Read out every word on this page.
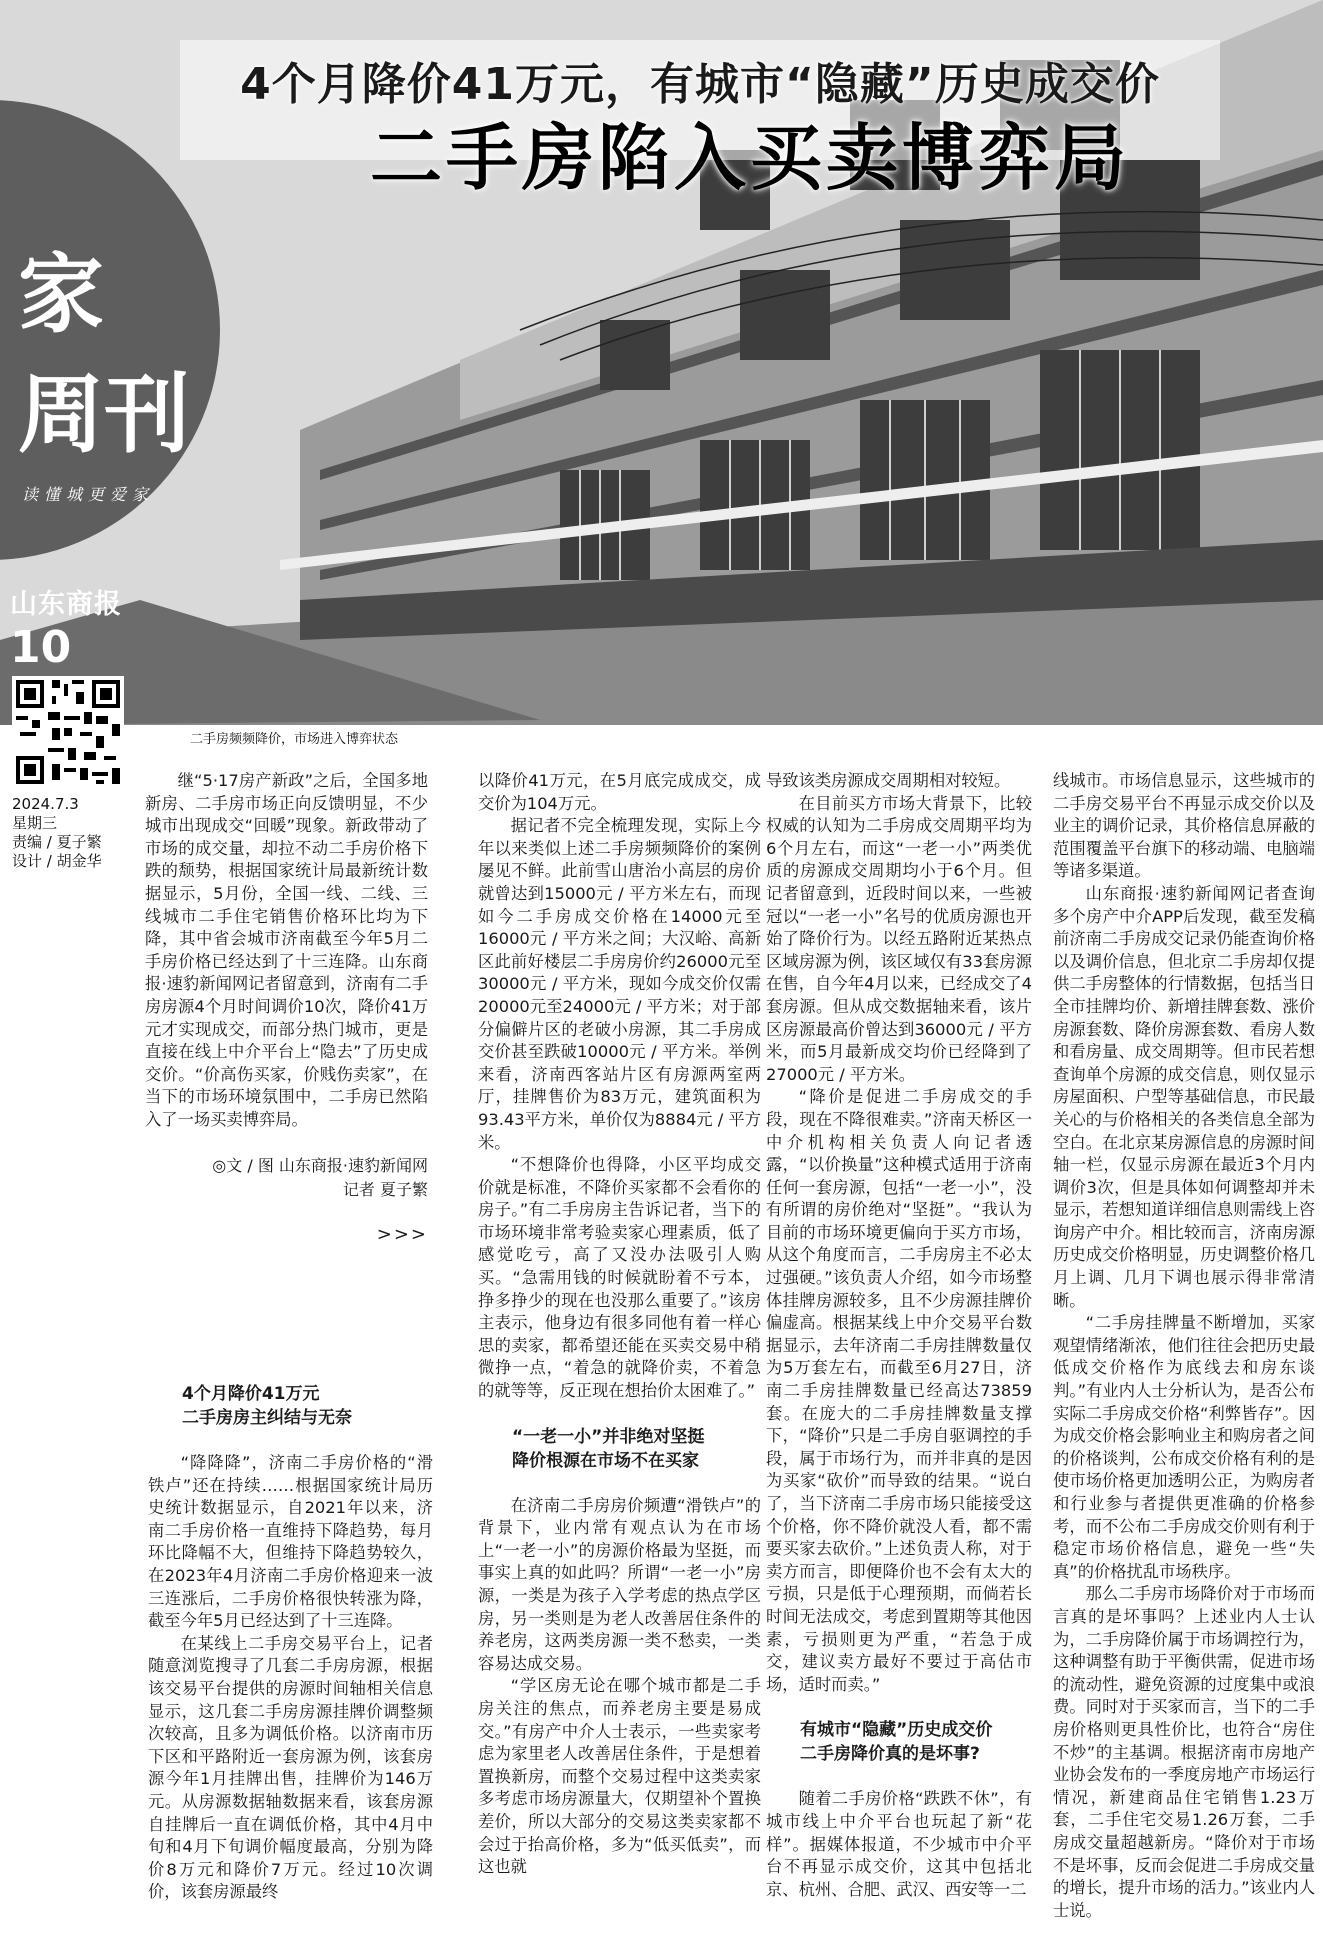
4个月降价41万元，有城市“隐藏”历史成交价
二手房陷入买卖博弈局
家
周刊
读懂城更爱家
山东商报
10
2024.7.3
星期三
责编 / 夏子繁
设计 / 胡金华
二手房频频降价，市场进入博弈状态

继“5·17房产新政”之后，全国多地新房、二手房市场正向反馈明显，不少城市出现成交“回暖”现象。新政带动了市场的成交量，却拉不动二手房价格下跌的颓势，根据国家统计局最新统计数据显示，5月份，全国一线、二线、三线城市二手住宅销售价格环比均为下降，其中省会城市济南截至今年5月二手房价格已经达到了十三连降。山东商报·速豹新闻网记者留意到，济南有二手房房源4个月时间调价10次，降价41万元才实现成交，而部分热门城市，更是直接在线上中介平台上“隐去”了历史成交价。“价高伤买家，价贱伤卖家”，在当下的市场环境氛围中，二手房已然陷入了一场买卖博弈局。

◎文 / 图 山东商报·速豹新闻网
记者 夏子繁
>>>

4个月降价41万元

二手房房主纠结与无奈

“降降降”，济南二手房价格的“滑铁卢”还在持续……根据国家统计局历史统计数据显示，自2021年以来，济南二手房价格一直维持下降趋势，每月环比降幅不大，但维持下降趋势较久，在2023年4月济南二手房价格迎来一波三连涨后，二手房价格很快转涨为降，截至今年5月已经达到了十三连降。

在某线上二手房交易平台上，记者随意浏览搜寻了几套二手房房源，根据该交易平台提供的房源时间轴相关信息显示，这几套二手房房源挂牌价调整频次较高，且多为调低价格。以济南市历下区和平路附近一套房源为例，该套房源今年1月挂牌出售，挂牌价为146万元。从房源数据轴数据来看，该套房源自挂牌后一直在调低价格，其中4月中旬和4月下旬调价幅度最高，分别为降价8万元和降价7万元。经过10次调价，该套房源最终

以降价41万元，在5月底完成成交，成交价为104万元。

据记者不完全梳理发现，实际上今年以来类似上述二手房频频降价的案例屡见不鲜。此前雪山唐治小高层的房价就曾达到15000元 / 平方米左右，而现如今二手房成交价格在14000元至16000元 / 平方米之间；大汉峪、高新区此前好楼层二手房房价约26000元至30000元 / 平方米，现如今成交价仅需20000元至24000元 / 平方米；对于部分偏僻片区的老破小房源，其二手房成交价甚至跌破10000元 / 平方米。举例来看，济南西客站片区有房源两室两厅，挂牌售价为83万元，建筑面积为93.43平方米，单价仅为8884元 / 平方米。

“不想降价也得降，小区平均成交价就是标准，不降价买家都不会看你的房子。”有二手房房主告诉记者，当下的市场环境非常考验卖家心理素质，低了感觉吃亏，高了又没办法吸引人购买。“急需用钱的时候就盼着不亏本，挣多挣少的现在也没那么重要了。”该房主表示，他身边有很多同他有着一样心思的卖家，都希望还能在买卖交易中稍微挣一点，“着急的就降价卖，不着急的就等等，反正现在想抬价太困难了。”

“一老一小”并非绝对坚挺

降价根源在市场不在买家

在济南二手房房价频遭“滑铁卢”的背景下，业内常有观点认为在市场上“一老一小”的房源价格最为坚挺，而事实上真的如此吗？所谓“一老一小”房源，一类是为孩子入学考虑的热点学区房，另一类则是为老人改善居住条件的养老房，这两类房源一类不愁卖，一类容易达成交易。

“学区房无论在哪个城市都是二手房关注的焦点，而养老房主要是易成交。”有房产中介人士表示，一些卖家考虑为家里老人改善居住条件，于是想着置换新房，而整个交易过程中这类卖家多考虑市场房源量大，仅期望补个置换差价，所以大部分的交易这类卖家都不会过于抬高价格，多为“低买低卖”，而这也就

导致该类房源成交周期相对较短。

在目前买方市场大背景下，比较权威的认知为二手房成交周期平均为6个月左右，而这“一老一小”两类优质的房源成交周期均小于6个月。但记者留意到，近段时间以来，一些被冠以“一老一小”名号的优质房源也开始了降价行为。以经五路附近某热点区域房源为例，该区域仅有33套房源在售，自今年4月以来，已经成交了4套房源。但从成交数据轴来看，该片区房源最高价曾达到36000元 / 平方米，而5月最新成交均价已经降到了27000元 / 平方米。

“降价是促进二手房成交的手段，现在不降很难卖。”济南天桥区一中介机构相关负责人向记者透露，“以价换量”这种模式适用于济南任何一套房源，包括“一老一小”，没有所谓的房价绝对“坚挺”。“我认为目前的市场环境更偏向于买方市场，从这个角度而言，二手房房主不必太过强硬。”该负责人介绍，如今市场整体挂牌房源较多，且不少房源挂牌价偏虚高。根据某线上中介交易平台数据显示，去年济南二手房挂牌数量仅为5万套左右，而截至6月27日，济南二手房挂牌数量已经高达73859套。在庞大的二手房挂牌数量支撑下，“降价”只是二手房自驱调控的手段，属于市场行为，而并非真的是因为买家“砍价”而导致的结果。“说白了，当下济南二手房市场只能接受这个价格，你不降价就没人看，都不需要买家去砍价。”上述负责人称，对于卖方而言，即便降价也不会有太大的亏损，只是低于心理预期，而倘若长时间无法成交，考虑到置期等其他因素，亏损则更为严重，“若急于成交，建议卖方最好不要过于高估市场，适时而卖。”

有城市“隐藏”历史成交价

二手房降价真的是坏事?

随着二手房价格“跌跌不休”，有城市线上中介平台也玩起了新“花样”。据媒体报道，不少城市中介平台不再显示成交价，这其中包括北京、杭州、合肥、武汉、西安等一二

线城市。市场信息显示，这些城市的二手房交易平台不再显示成交价以及业主的调价记录，其价格信息屏蔽的范围覆盖平台旗下的移动端、电脑端等诸多渠道。

山东商报·速豹新闻网记者查询多个房产中介APP后发现，截至发稿前济南二手房成交记录仍能查询价格以及调价信息，但北京二手房却仅提供二手房整体的行情数据，包括当日全市挂牌均价、新增挂牌套数、涨价房源套数、降价房源套数、看房人数和看房量、成交周期等。但市民若想查询单个房源的成交信息，则仅显示房屋面积、户型等基础信息，市民最关心的与价格相关的各类信息全部为空白。在北京某房源信息的房源时间轴一栏，仅显示房源在最近3个月内调价3次，但是具体如何调整却并未显示，若想知道详细信息则需线上咨询房产中介。相比较而言，济南房源历史成交价格明显，历史调整价格几月上调、几月下调也展示得非常清晰。

“二手房挂牌量不断增加，买家观望情绪渐浓，他们往往会把历史最低成交价格作为底线去和房东谈判。”有业内人士分析认为，是否公布实际二手房成交价格“利弊皆存”。因为成交价格会影响业主和购房者之间的价格谈判，公布成交价格有利的是使市场价格更加透明公正，为购房者和行业参与者提供更准确的价格参考，而不公布二手房成交价则有利于稳定市场价格信息，避免一些“失真”的价格扰乱市场秩序。

那么二手房市场降价对于市场而言真的是坏事吗？上述业内人士认为，二手房降价属于市场调控行为，这种调整有助于平衡供需，促进市场的流动性，避免资源的过度集中或浪费。同时对于买家而言，当下的二手房价格则更具性价比，也符合“房住不炒”的主基调。根据济南市房地产业协会发布的一季度房地产市场运行情况，新建商品住宅销售1.23万套，二手住宅交易1.26万套，二手房成交量超越新房。“降价对于市场不是坏事，反而会促进二手房成交量的增长，提升市场的活力。”该业内人士说。
